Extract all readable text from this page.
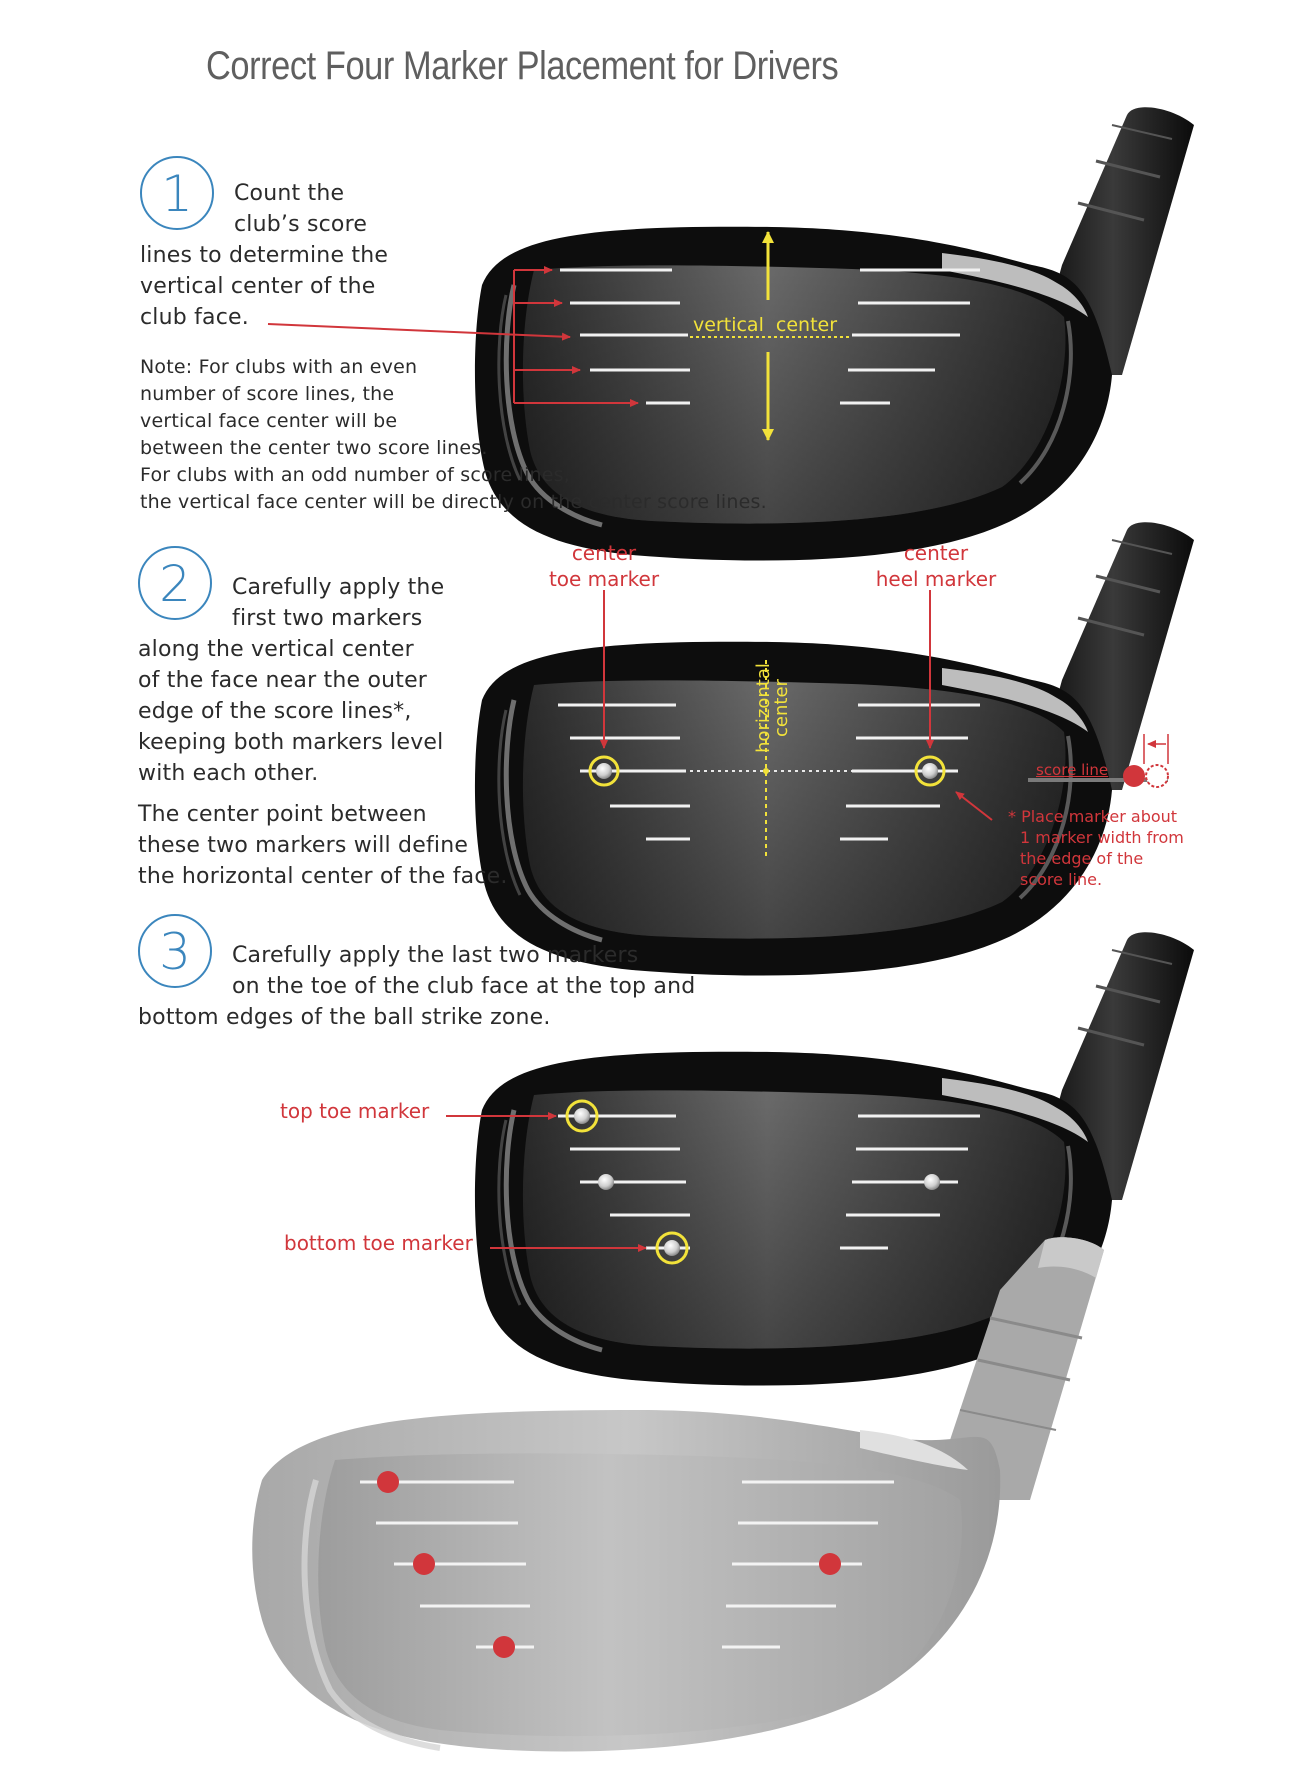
Correct Four Marker Placement for Drivers
1	Count the
club’s score
lines to determine the
vertical center of the
club face.
Note: For clubs with an even
number of score lines, the
vertical face center will be
between the center two score lines.
For clubs with an odd number of score lines,
the vertical face center will be directly on the center score lines.
vertical  center
2	Carefully apply the
first two markers
along the vertical center
of the face near the outer
edge of the score lines*,
keeping both markers level
with each other.
The center point between
these two markers will define
the horizontal center of the face.
center
toe marker
center
heel marker
horizontal
center
score line
* Place marker about
1 marker width from
the edge of the
score line.
3	Carefully apply the last two markers
on the toe of the club face at the top and
bottom edges of the ball strike zone.
top toe marker
bottom toe marker
